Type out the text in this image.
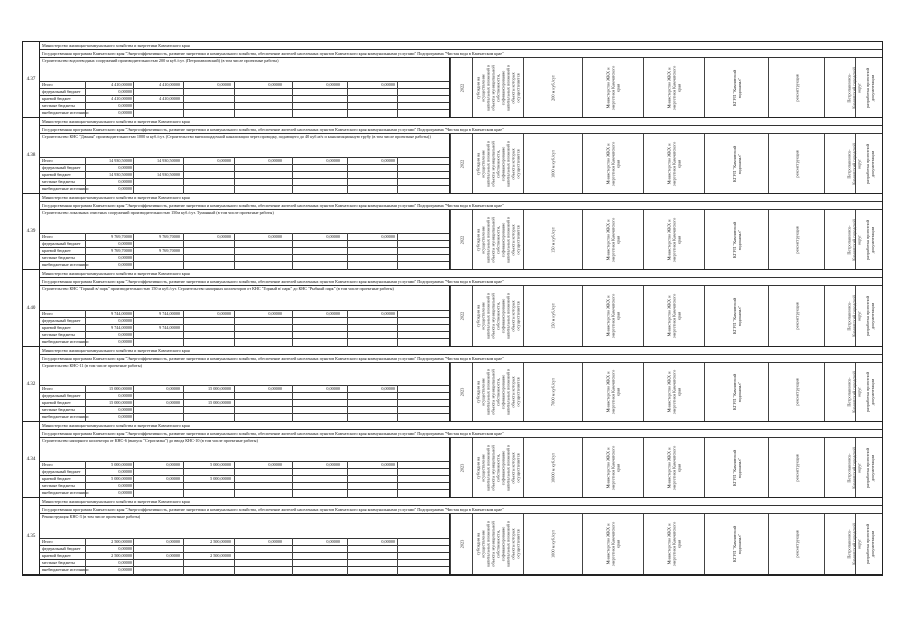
4.37
Министерство жилищно-коммунального хозяйства и энергетики Камчатского края
Государственная программа Камчатского края "Энергоэффективность, развитие энергетики и коммунального хозяйства, обеспечение жителей населенных пунктов Камчатского края коммунальными услугами" Подпрограмма "Чистая вода в Камчатском крае"
Строительство водоотводных сооружений производительностью 200 м куб./сут. (Петропавловский) (в том числе проектные работы)
Итого	4 410,00000	4 410,00000	0,00000	0,00000	0,00000	0,00000
федеральный бюджет	0,00000
краевой бюджет	4 410,00000	4 410,00000
местные бюджеты	0,00000
внебюджетные источники	0,00000
2022	субсидии на осуществление капитальных вложений в объекты муниципальной собственности, софинансирование капитальных вложений в объекты которых осуществляется	200 м куб./сут	Министерство ЖКХ и энергетики Камчатского края	Министерство ЖКХ и энергетики Камчатского края	КГУП "Камчатский водоканал"	реконструкция	Петропавловск-Камчатский городской округ разработка проектной документации
4.38
Министерство жилищно-коммунального хозяйства и энергетики Камчатского края
Государственная программа Камчатского края "Энергоэффективность, развитие энергетики и коммунального хозяйства, обеспечение жителей населенных пунктов Камчатского края коммунальными услугами" Подпрограмма "Чистая вода в Камчатском крае"
Строительство КНС "Дачная" производительностью 1000 м куб./сут. (Строительство внеплощадочной канализации через проводку, подающего до 40 куб.м/ч и канализационную трубу (в том числе проектные работы))
Итого	14 930,50000	14 930,50000	0,00000	0,00000	0,00000	0,00000
федеральный бюджет	0,00000
краевой бюджет	14 930,50000	14 930,50000
местные бюджеты	0,00000
внебюджетные источники	0,00000
2022	субсидии на осуществление капитальных вложений в объекты муниципальной собственности, софинансирование капитальных вложений в объекты которых осуществляется	1000 м куб./сут	Министерство ЖКХ и энергетики Камчатского края	Министерство ЖКХ и энергетики Камчатского края	КГУП "Камчатский водоканал"	реконструкция	Петропавловск-Камчатский городской округ разработка проектной документации
4.39
Министерство жилищно-коммунального хозяйства и энергетики Камчатского края
Государственная программа Камчатского края "Энергоэффективность, развитие энергетики и коммунального хозяйства, обеспечение жителей населенных пунктов Камчатского края коммунальными услугами" Подпрограмма "Чистая вода в Камчатском крае"
Строительство локальных очистных сооружений производительностью 150м куб./сут. Туманный (в том числе проектные работы)
Итого	9 769,70000	9 769,70000	0,00000	0,00000	0,00000	0,00000
федеральный бюджет	0,00000
краевой бюджет	9 769,70000	9 769,70000
местные бюджеты	0,00000
внебюджетные источники	0,00000
2022	субсидии на осуществление капитальных вложений в объекты муниципальной собственности, софинансирование капитальных вложений в объекты которых осуществляется	150 м куб./сут	Министерство ЖКХ и энергетики Камчатского края	Министерство ЖКХ и энергетики Камчатского края	КГУП "Камчатский водоканал"	реконструкция	Петропавловск-Камчатский городской округ разработка проектной документации
4.40
Министерство жилищно-коммунального хозяйства и энергетики Камчатского края
Государственная программа Камчатского края "Энергоэффективность, развитие энергетики и коммунального хозяйства, обеспечение жителей населенных пунктов Камчатского края коммунальными услугами" Подпрограмма "Чистая вода в Камчатском крае"
Строительство КНС "Горный в/ парк" производительностью 150 м куб./сут. Строительство напорных коллекторов от КНС "Горный в/ парк" до КНС "Рыбный парк" (в том числе проектные работы)
Итого	9 744,00000	9 744,00000	0,00000	0,00000	0,00000	0,00000
федеральный бюджет	0,00000
краевой бюджет	9 744,00000	9 744,00000
местные бюджеты	0,00000
внебюджетные источники	0,00000
2022	субсидии на осуществление капитальных вложений в объекты муниципальной собственности, софинансирование капитальных вложений в объекты которых осуществляется	150 м куб./сут	Министерство ЖКХ и энергетики Камчатского края	Министерство ЖКХ и энергетики Камчатского края	КГУП "Камчатский водоканал"	реконструкция	Петропавловск-Камчатский городской округ разработка проектной документации
4.32
Министерство жилищно-коммунального хозяйства и энергетики Камчатского края
Государственная программа Камчатского края "Энергоэффективность, развитие энергетики и коммунального хозяйства, обеспечение жителей населенных пунктов Камчатского края коммунальными услугами" Подпрограмма "Чистая вода в Камчатском крае"
Строительство КНС-11 (в том числе проектные работы)
Итого	15 000,00000	0,00000	15 000,00000	0,00000	0,00000	0,00000
федеральный бюджет	0,00000
краевой бюджет	15 000,00000	0,00000	15 000,00000
местные бюджеты	0,00000
внебюджетные источники	0,00000
2023	субсидии на осуществление капитальных вложений в объекты муниципальной собственности, софинансирование капитальных вложений в объекты которых осуществляется	7000 м куб./сут	Министерство ЖКХ и энергетики Камчатского края	Министерство ЖКХ и энергетики Камчатского края	КГУП "Камчатский водоканал"	реконструкция	Петропавловск-Камчатский городской округ разработка проектной документации
4.34
Министерство жилищно-коммунального хозяйства и энергетики Камчатского края
Государственная программа Камчатского края "Энергоэффективность, развитие энергетики и коммунального хозяйства, обеспечение жителей населенных пунктов Камчатского края коммунальными услугами" Подпрограмма "Чистая вода в Камчатском крае"
Строительство напорного коллектора от КНС-6 (выпуск "Сероглазка") до ввода КНС-10 (в том числе проектные работы)
Итого	5 000,00000	0,00000	5 000,00000	0,00000	0,00000	0,00000
федеральный бюджет	0,00000
краевой бюджет	5 000,00000	0,00000	5 000,00000
местные бюджеты	0,00000
внебюджетные источники	0,00000
2023	субсидии на осуществление капитальных вложений в объекты муниципальной собственности, софинансирование капитальных вложений в объекты которых осуществляется	10000 м куб./сут	Министерство ЖКХ и энергетики Камчатского края	Министерство ЖКХ и энергетики Камчатского края	КГУП "Камчатский водоканал"	реконструкция	Петропавловск-Камчатский городской округ разработка проектной документации
4.35
Министерство жилищно-коммунального хозяйства и энергетики Камчатского края
Государственная программа Камчатского края "Энергоэффективность, развитие энергетики и коммунального хозяйства, обеспечение жителей населенных пунктов Камчатского края коммунальными услугами" Подпрограмма "Чистая вода в Камчатском крае"
Реконструкция КНС-3 (в том числе проектные работы)
Итого	2 500,00000	0,00000	2 500,00000	0,00000	0,00000	0,00000
федеральный бюджет	0,00000
краевой бюджет	2 500,00000	0,00000	2 500,00000
местные бюджеты	0,00000
внебюджетные источники	0,00000
2023	субсидии на осуществление капитальных вложений в объекты муниципальной собственности, софинансирование капитальных вложений в объекты которых осуществляется	1000 м куб./сут	Министерство ЖКХ и энергетики Камчатского края	Министерство ЖКХ и энергетики Камчатского края	КГУП "Камчатский водоканал"	реконструкция	Петропавловск-Камчатский городской округ разработка проектной документации
